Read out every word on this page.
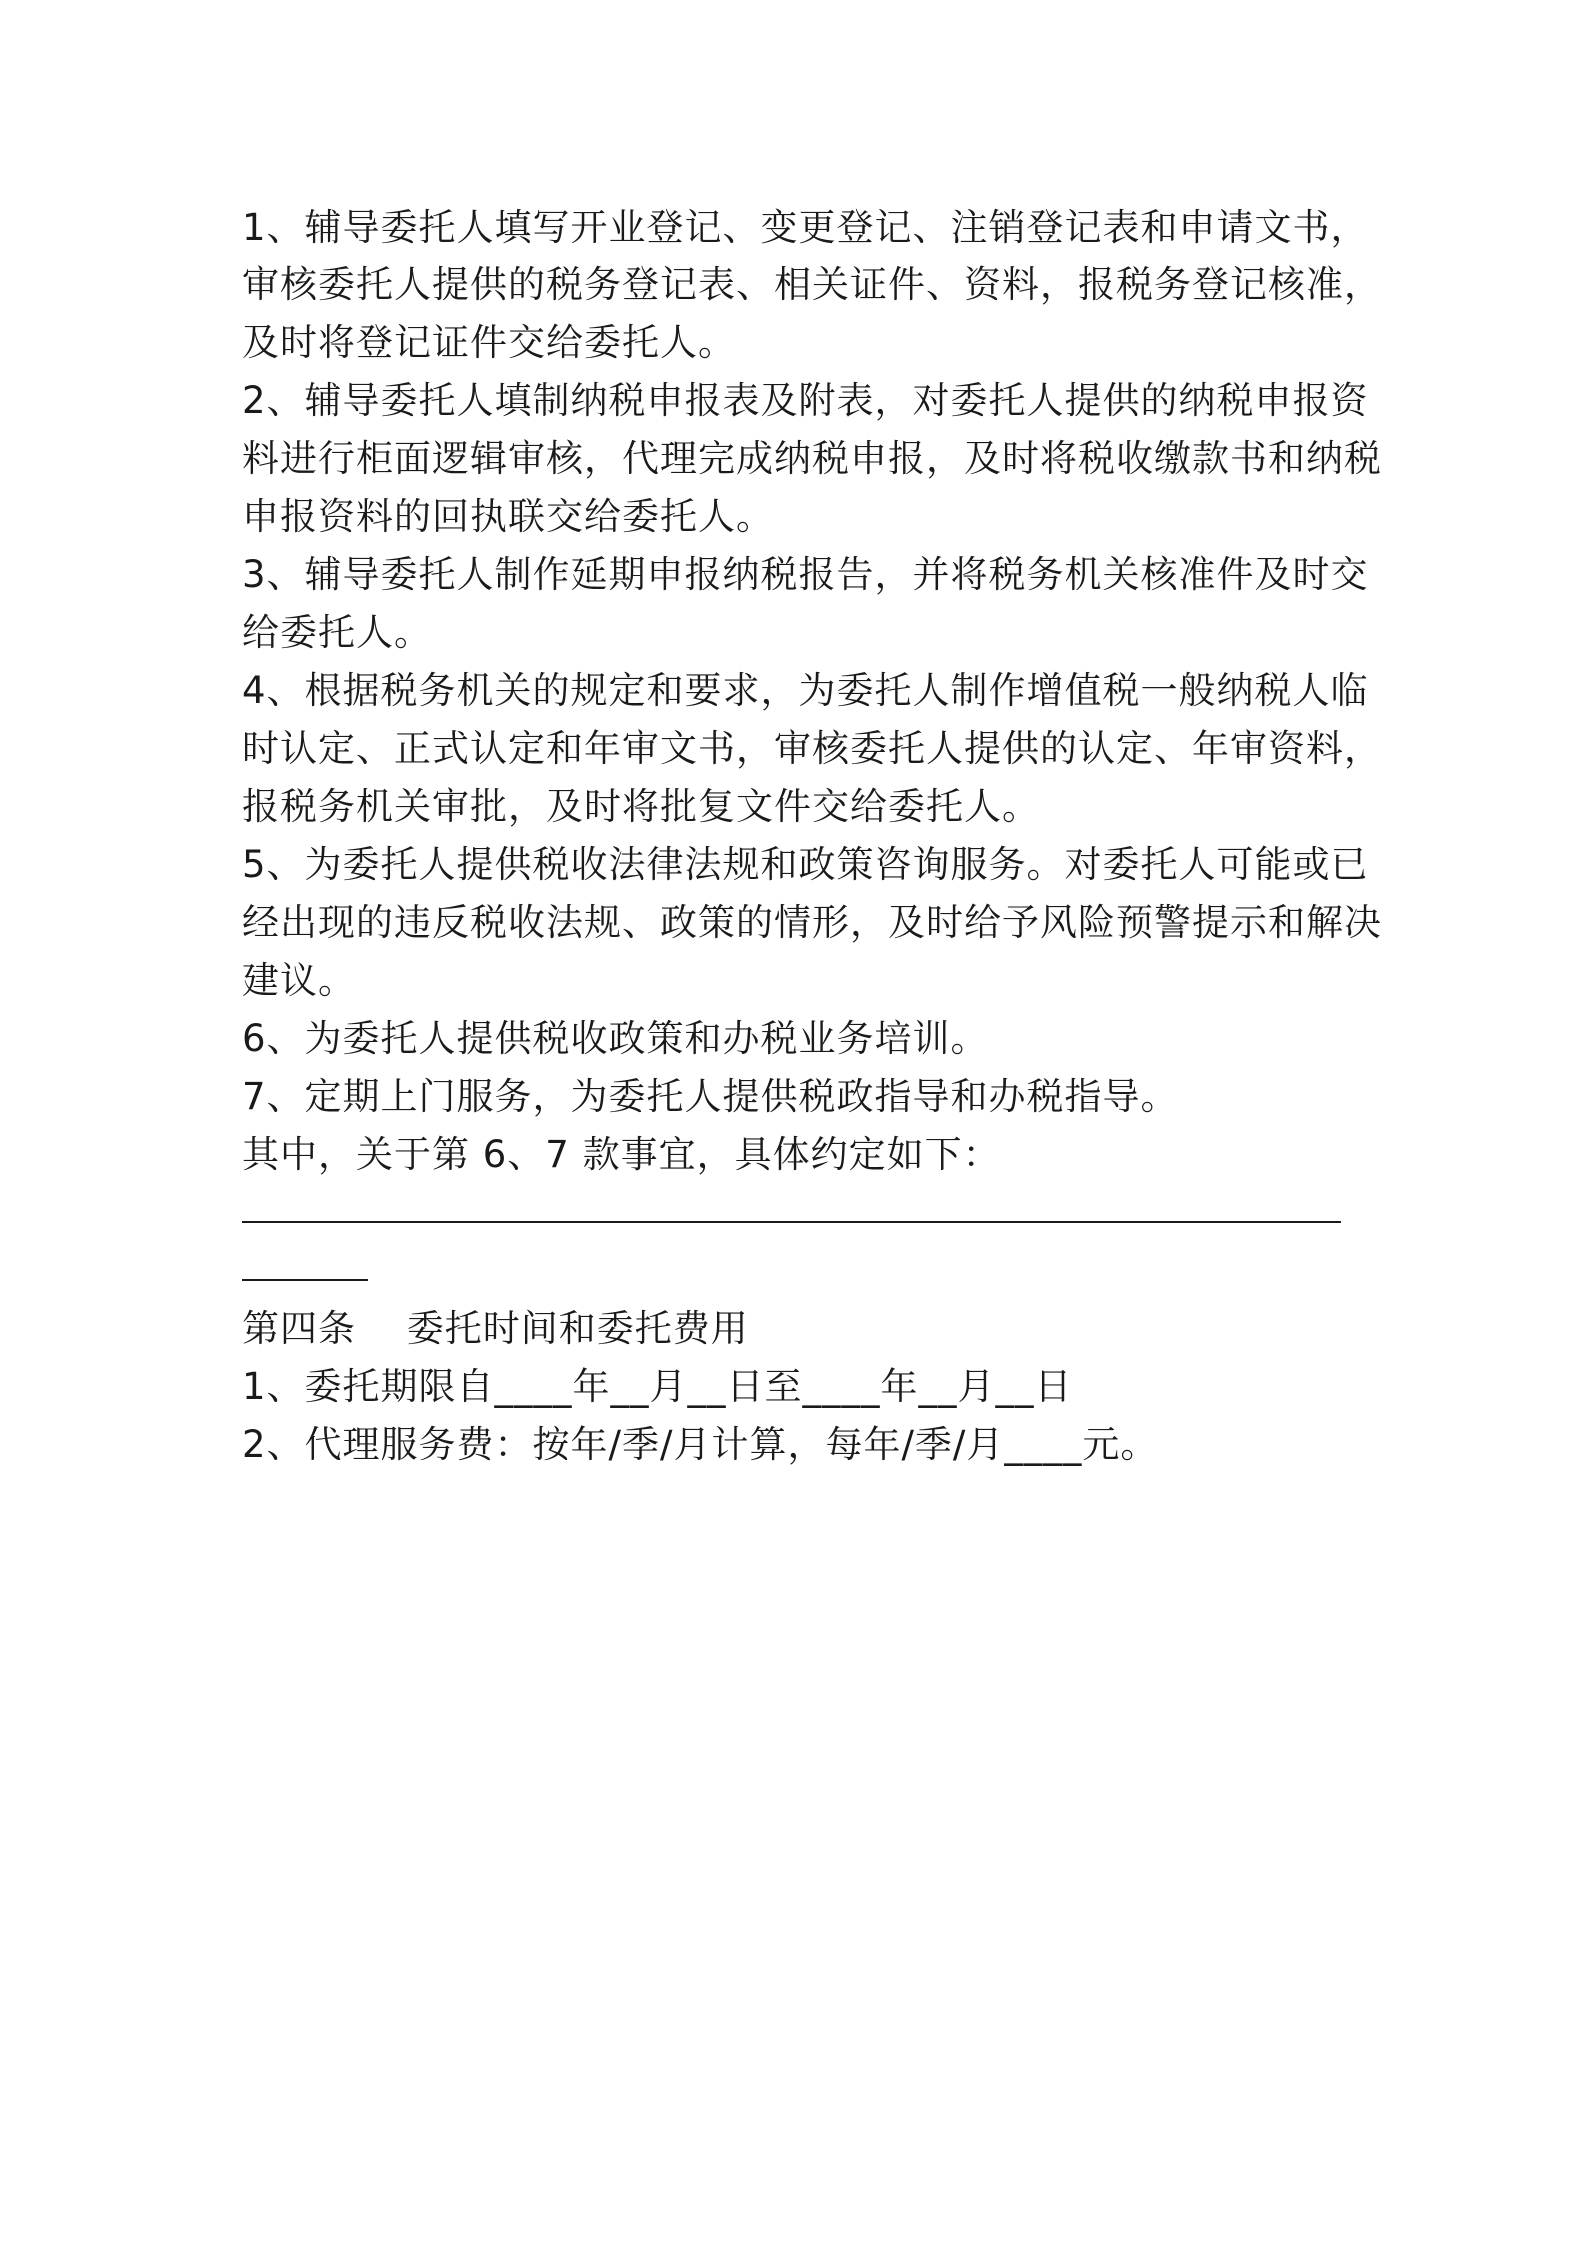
1、辅导委托人填写开业登记、变更登记、注销登记表和申请文书，
审核委托人提供的税务登记表、相关证件、资料，报税务登记核准，
及时将登记证件交给委托人。
2、辅导委托人填制纳税申报表及附表，对委托人提供的纳税申报资
料进行柜面逻辑审核，代理完成纳税申报，及时将税收缴款书和纳税
申报资料的回执联交给委托人。
3、辅导委托人制作延期申报纳税报告，并将税务机关核准件及时交
给委托人。
4、根据税务机关的规定和要求，为委托人制作增值税一般纳税人临
时认定、正式认定和年审文书，审核委托人提供的认定、年审资料，
报税务机关审批，及时将批复文件交给委托人。
5、为委托人提供税收法律法规和政策咨询服务。对委托人可能或已
经出现的违反税收法规、政策的情形，及时给予风险预警提示和解决
建议。
6、为委托人提供税收政策和办税业务培训。
7、定期上门服务，为委托人提供税政指导和办税指导。
其中，关于第 6、7 款事宜，具体约定如下：
第四条　 委托时间和委托费用
1、委托期限自____年__月__日至____年__月__日
2、代理服务费：按年/季/月计算，每年/季/月____元。
